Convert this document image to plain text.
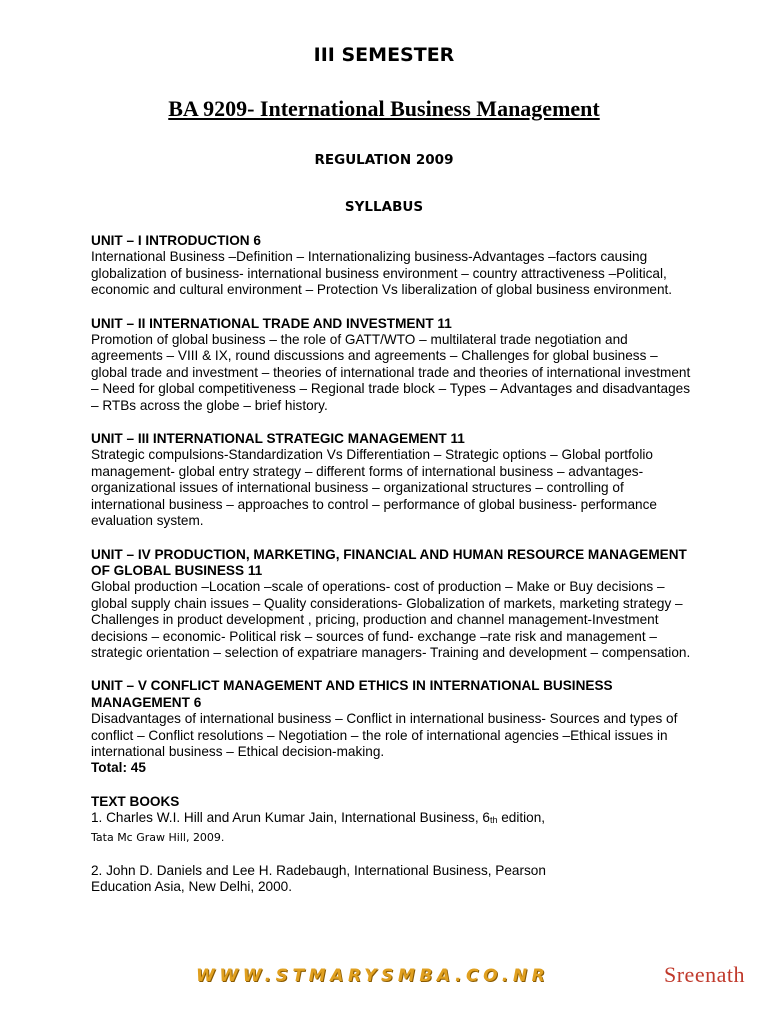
III SEMESTER
BA 9209- International Business Management
REGULATION 2009
SYLLABUS
UNIT – I INTRODUCTION 6
International Business –Definition – Internationalizing business-Advantages –factors causing globalization of business- international business environment – country attractiveness –Political, economic and cultural environment – Protection Vs liberalization of global business environment.
UNIT – II INTERNATIONAL TRADE AND INVESTMENT 11
Promotion of global business – the role of GATT/WTO – multilateral trade negotiation and agreements – VIII & IX, round discussions and agreements – Challenges for global business – global trade and investment – theories of international trade and theories of international investment – Need for global competitiveness – Regional trade block – Types – Advantages and disadvantages – RTBs across the globe – brief history.
UNIT – III INTERNATIONAL STRATEGIC MANAGEMENT 11
Strategic compulsions-Standardization Vs Differentiation – Strategic options – Global portfolio management- global entry strategy – different forms of international business – advantages-organizational issues of international business – organizational structures – controlling of international business – approaches to control – performance of global business- performance evaluation system.
UNIT – IV PRODUCTION, MARKETING, FINANCIAL AND HUMAN RESOURCE MANAGEMENT OF GLOBAL BUSINESS 11
Global production –Location –scale of operations- cost of production – Make or Buy decisions – global supply chain issues – Quality considerations- Globalization of markets, marketing strategy – Challenges in product development , pricing, production and channel management-Investment decisions – economic- Political risk – sources of fund- exchange –rate risk and management – strategic orientation – selection of expatriare managers- Training and development – compensation.
UNIT – V CONFLICT MANAGEMENT AND ETHICS IN INTERNATIONAL BUSINESS MANAGEMENT 6
Disadvantages of international business – Conflict in international business- Sources and types of conflict – Conflict resolutions – Negotiation – the role of international agencies –Ethical issues in international business – Ethical decision-making.
Total: 45
TEXT BOOKS
1. Charles W.I. Hill and Arun Kumar Jain, International Business, 6th edition,
Tata Mc Graw Hill, 2009.
2. John D. Daniels and Lee H. Radebaugh, International Business, Pearson
Education Asia, New Delhi, 2000.
WWW.STMARYSMBA.CO.NR	Sreenath
